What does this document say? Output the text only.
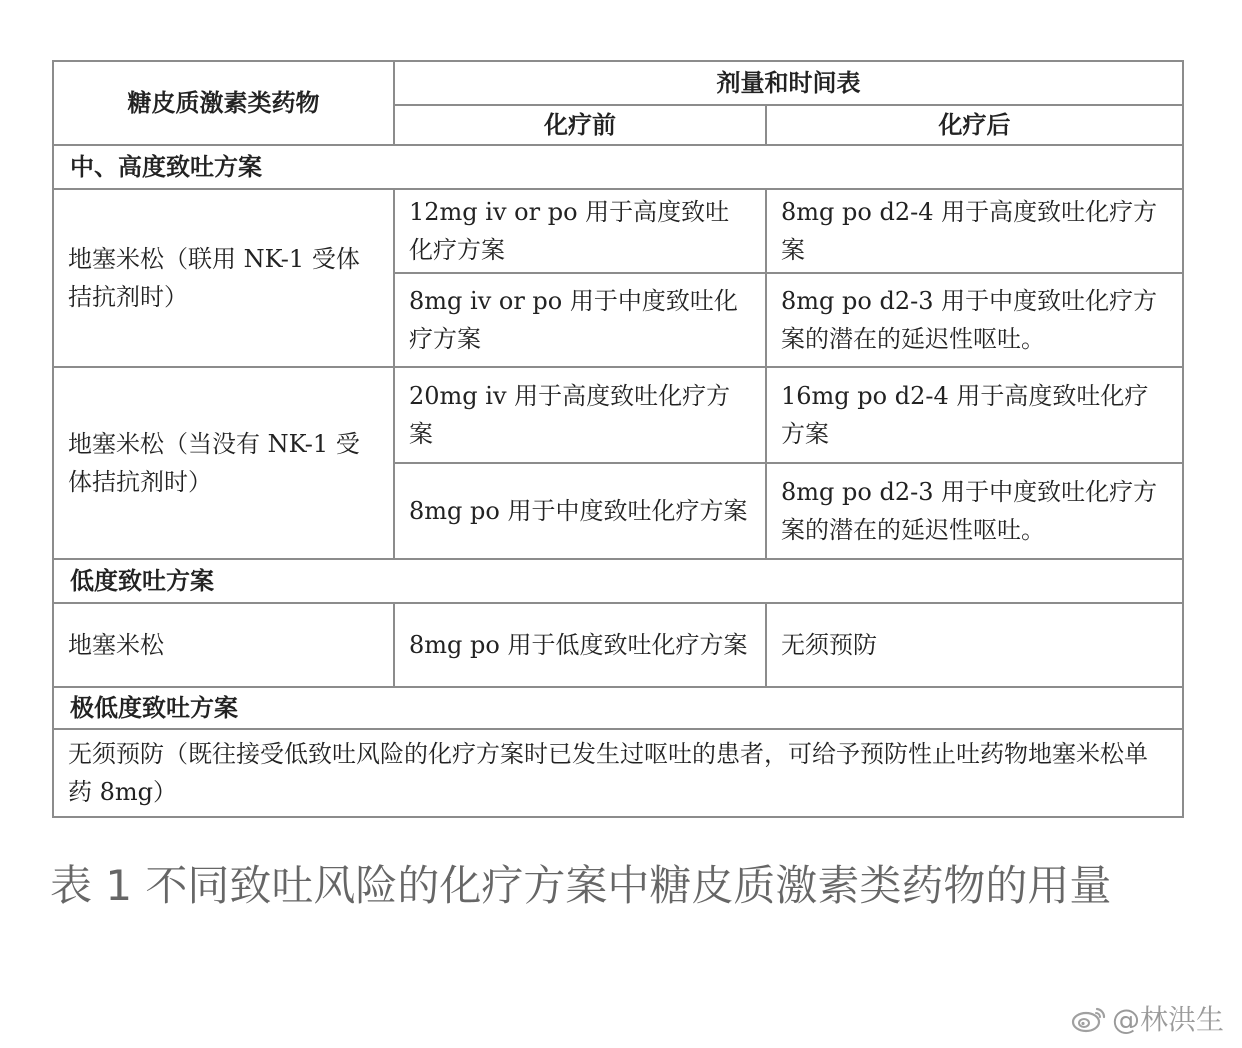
糖皮质激素类药物	剂量和时间表	
	化疗前	化疗后
中、高度致吐方案		
地塞米松（联用 NK-1 受体拮抗剂时）	12mg iv or po 用于高度致吐化疗方案	8mg po d2-4 用于高度致吐化疗方案
	8mg iv or po 用于中度致吐化疗方案	8mg po d2-3 用于中度致吐化疗方案的潜在的延迟性呕吐。
地塞米松（当没有 NK-1 受体拮抗剂时）	20mg iv 用于高度致吐化疗方案	16mg po d2-4 用于高度致吐化疗方案
	8mg po 用于中度致吐化疗方案	8mg po d2-3 用于中度致吐化疗方案的潜在的延迟性呕吐。
低度致吐方案		
地塞米松	8mg po 用于低度致吐化疗方案	无须预防
极低度致吐方案		
无须预防（既往接受低致吐风险的化疗方案时已发生过呕吐的患者，可给予预防性止吐药物地塞米松单药 8mg）		

表 1 不同致吐风险的化疗方案中糖皮质激素类药物的用量

@林洪生
